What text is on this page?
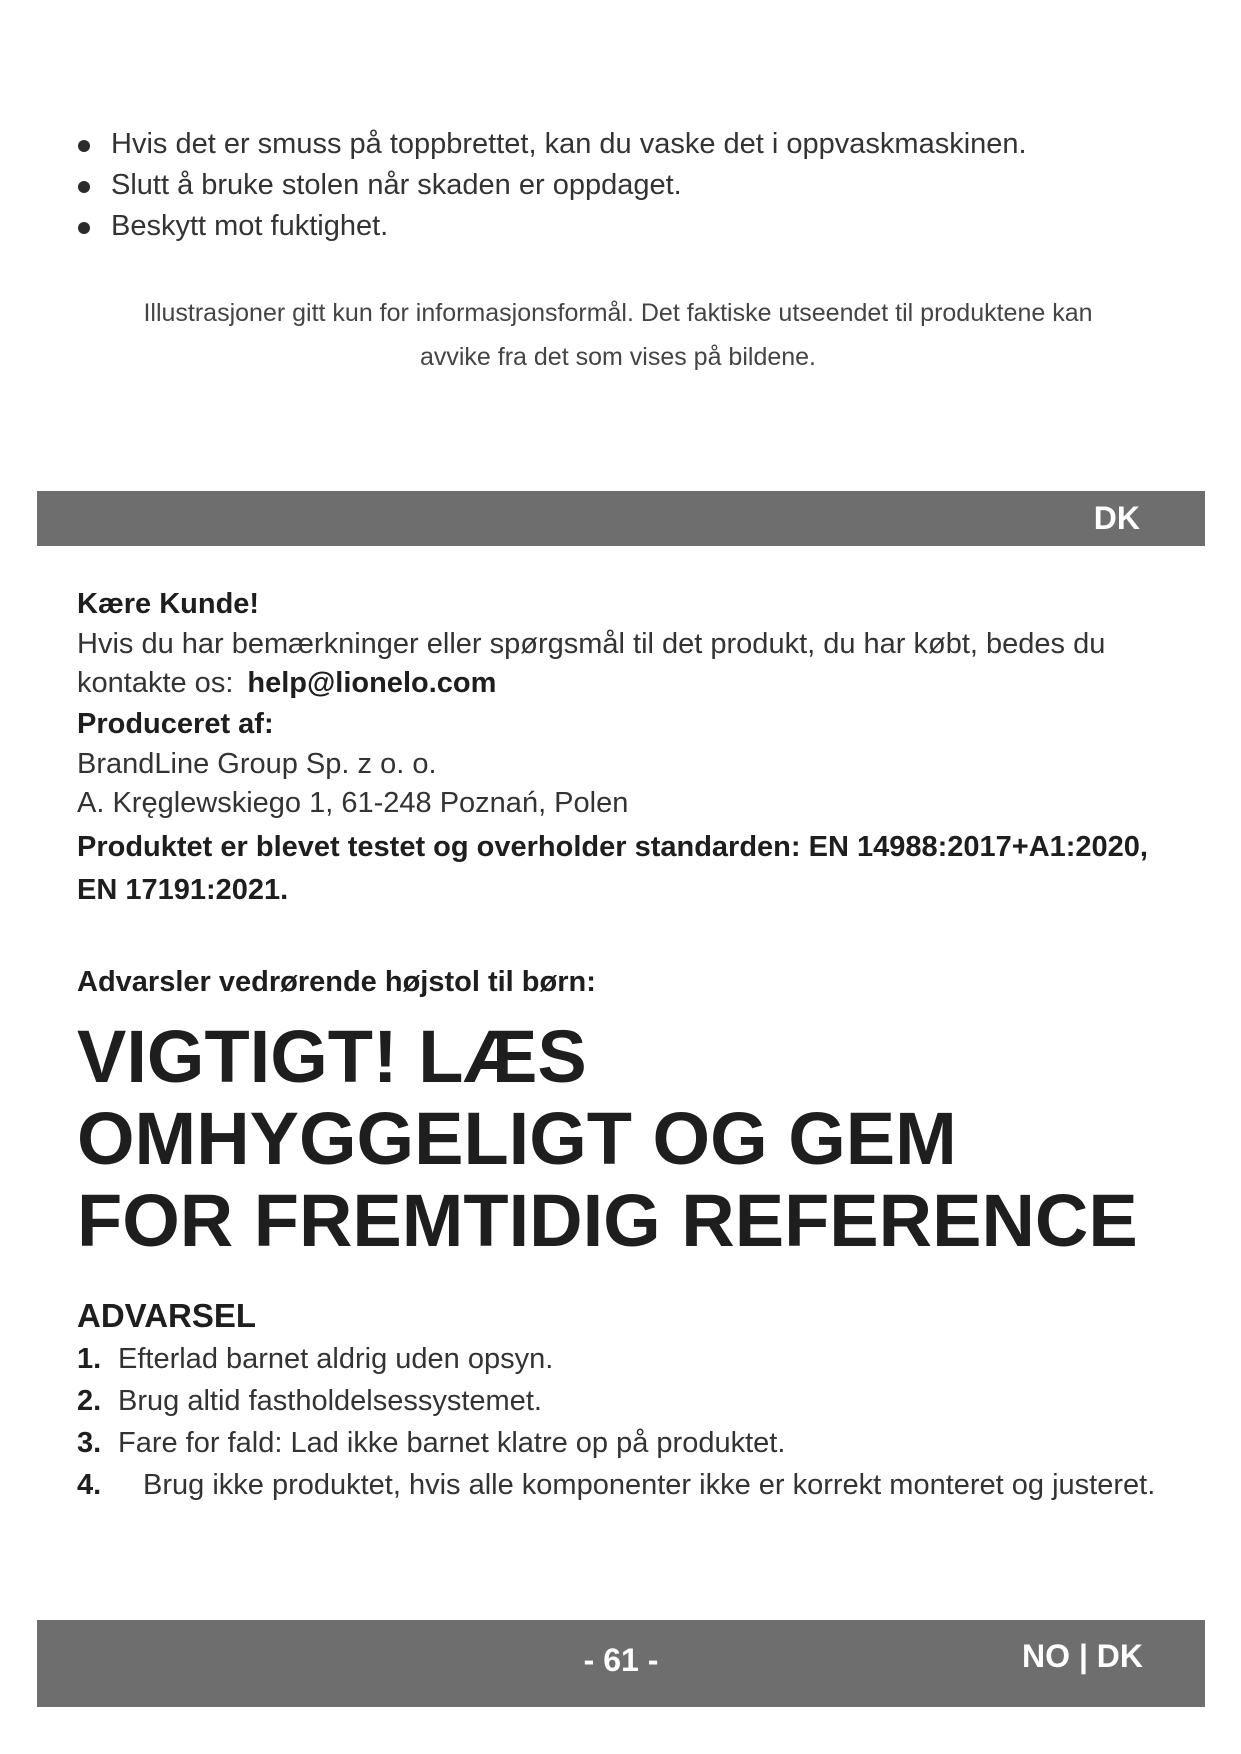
Hvis det er smuss på toppbrettet, kan du vaske det i oppvaskmaskinen.
Slutt å bruke stolen når skaden er oppdaget.
Beskytt mot fuktighet.
Illustrasjoner gitt kun for informasjonsformål. Det faktiske utseendet til produktene kan
avvike fra det som vises på bildene.
DK
Kære Kunde!
Hvis du har bemærkninger eller spørgsmål til det produkt, du har købt, bedes du
kontakte os: help@lionelo.com
Produceret af:
BrandLine Group Sp. z o. o.
A. Kręglewskiego 1, 61-248 Poznań, Polen
Produktet er blevet testet og overholder standarden: EN 14988:2017+A1:2020,
EN 17191:2021.
Advarsler vedrørende højstol til børn:
VIGTIGT! LÆS
OMHYGGELIGT OG GEM
FOR FREMTIDIG REFERENCE
ADVARSEL
1. Efterlad barnet aldrig uden opsyn.
2. Brug altid fastholdelsessystemet.
3. Fare for fald: Lad ikke barnet klatre op på produktet.
4. Brug ikke produktet, hvis alle komponenter ikke er korrekt monteret og justeret.
- 61 -	NO | DK
